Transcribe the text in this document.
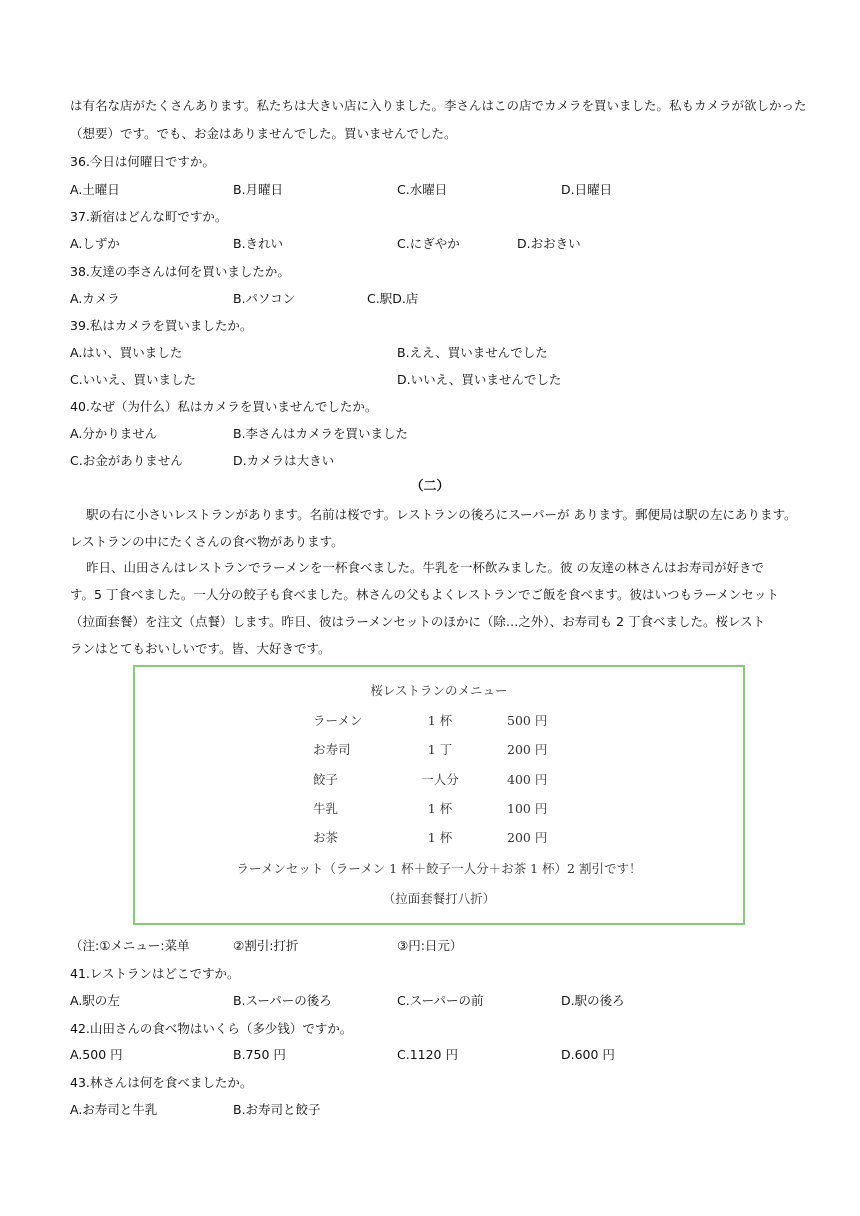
は有名な店がたくさんあります。私たちは大きい店に入りました。李さんはこの店でカメラを買いました。私もカメラが欲しかった
（想要）です。でも、お金はありませんでした。買いませんでした。
36.今日は何曜日ですか。
A.土曜日	B.月曜日	C.水曜日	D.日曜日
37.新宿はどんな町ですか。
A.しずか	B.きれい	C.にぎやか	D.おおきい
38.友達の李さんは何を買いましたか。
A.カメラ	B.パソコン	C.駅D.店
39.私はカメラを買いましたか。
A.はい、買いました	B.ええ、買いませんでした
C.いいえ、買いました	D.いいえ、買いませんでした
40.なぜ（为什么）私はカメラを買いませんでしたか。
A.分かりません	B.李さんはカメラを買いました
C.お金がありません	D.カメラは大きい
（二）
駅の右に小さいレストランがあります。名前は桜です。レストランの後ろにスーパーが あります。郵便局は駅の左にあります。
レストランの中にたくさんの食べ物があります。
昨日、山田さんはレストランでラーメンを一杯食べました。牛乳を一杯飲みました。彼 の友達の林さんはお寿司が好きで
す。5 丁食べました。一人分の餃子も食べました。林さんの父もよくレストランでご飯を食べます。彼はいつもラーメンセット
（拉面套餐）を注文（点餐）します。昨日、彼はラーメンセットのほかに（除…之外）、お寿司も 2 丁食べました。桜レスト
ランはとてもおいしいです。皆、大好きです。
桜レストランのメニュー
ラーメン	1 杯	500 円
お寿司	1 丁	200 円
餃子	一人分	400 円
牛乳	1 杯	100 円
お茶	1 杯	200 円
ラーメンセット（ラーメン 1 杯＋餃子一人分＋お茶 1 杯）2 割引です！
（拉面套餐打八折）
（注:①メニュー:菜单	②割引:打折	③円:日元）
41.レストランはどこですか。
A.駅の左	B.スーパーの後ろ	C.スーパーの前	D.駅の後ろ
42.山田さんの食べ物はいくら（多少钱）ですか。
A.500 円	B.750 円	C.1120 円	D.600 円
43.林さんは何を食べましたか。
A.お寿司と牛乳	B.お寿司と餃子
